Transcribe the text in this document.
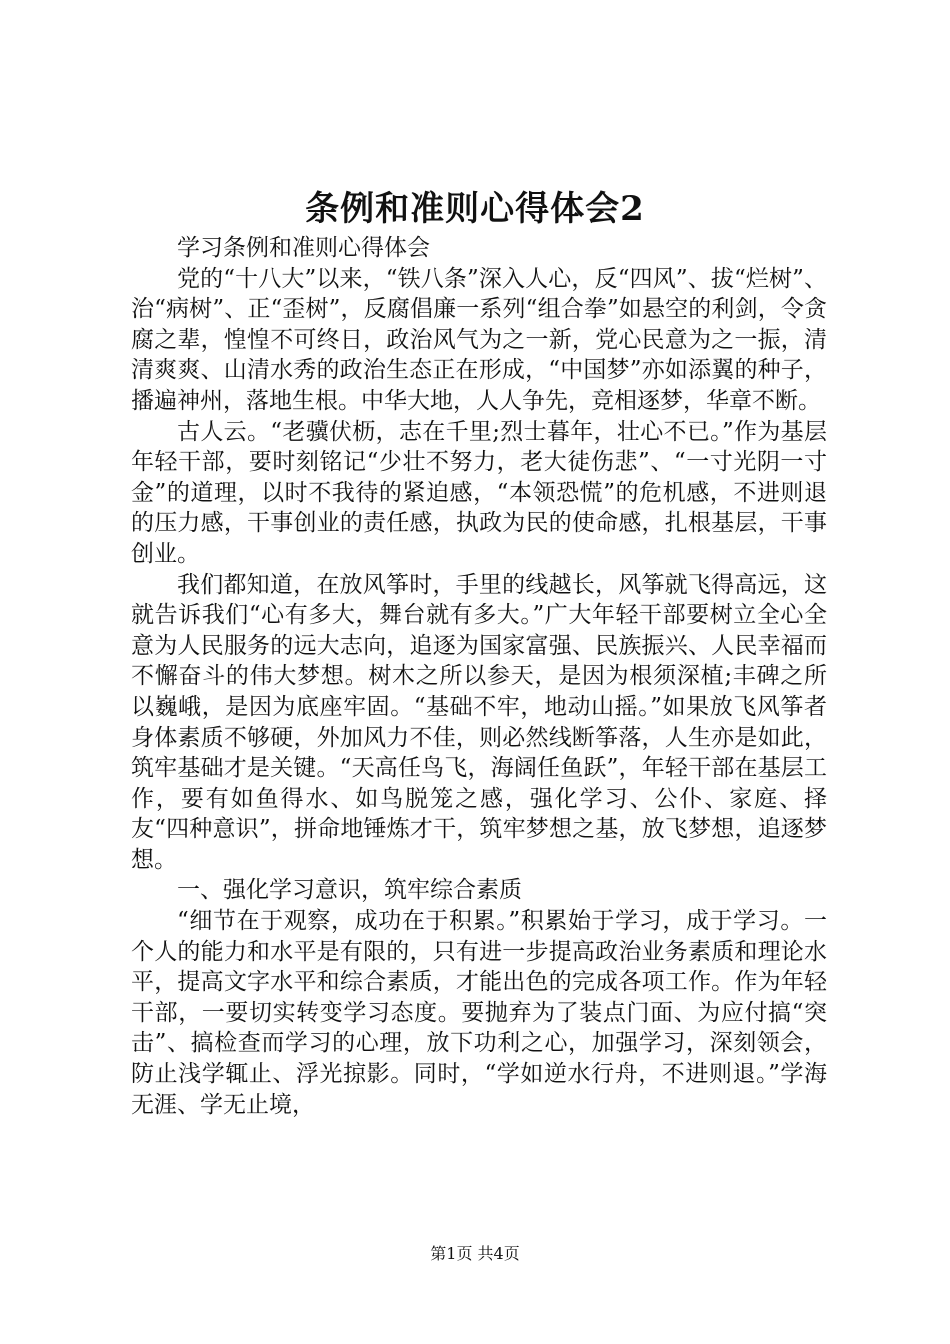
条例和准则心得体会2

学习条例和准则心得体会

党的“十八大”以来，“铁八条”深入人心，反“四风”、拔“烂树”、治“病树”、正“歪树”，反腐倡廉一系列“组合拳”如悬空的利剑，令贪腐之辈，惶惶不可终日，政治风气为之一新，党心民意为之一振，清清爽爽、山清水秀的政治生态正在形成，“中国梦”亦如添翼的种子，播遍神州，落地生根。中华大地，人人争先，竞相逐梦，华章不断。

古人云。“老骥伏枥，志在千里;烈士暮年，壮心不已。”作为基层年轻干部，要时刻铭记“少壮不努力，老大徒伤悲”、“一寸光阴一寸金”的道理，以时不我待的紧迫感，“本领恐慌”的危机感，不进则退的压力感，干事创业的责任感，执政为民的使命感，扎根基层，干事创业。

我们都知道，在放风筝时，手里的线越长，风筝就飞得高远，这就告诉我们“心有多大，舞台就有多大。”广大年轻干部要树立全心全意为人民服务的远大志向，追逐为国家富强、民族振兴、人民幸福而不懈奋斗的伟大梦想。树木之所以参天，是因为根须深植;丰碑之所以巍峨，是因为底座牢固。“基础不牢，地动山摇。”如果放飞风筝者身体素质不够硬，外加风力不佳，则必然线断筝落，人生亦是如此，筑牢基础才是关键。“天高任鸟飞，海阔任鱼跃”，年轻干部在基层工作，要有如鱼得水、如鸟脱笼之感，强化学习、公仆、家庭、择友“四种意识”，拼命地锤炼才干，筑牢梦想之基，放飞梦想，追逐梦想。

一、强化学习意识，筑牢综合素质

“细节在于观察，成功在于积累。”积累始于学习，成于学习。一个人的能力和水平是有限的，只有进一步提高政治业务素质和理论水平，提高文字水平和综合素质，才能出色的完成各项工作。作为年轻干部，一要切实转变学习态度。要抛弃为了装点门面、为应付搞“突击”、搞检查而学习的心理，放下功利之心，加强学习，深刻领会，防止浅学辄止、浮光掠影。同时，“学如逆水行舟，不进则退。”学海无涯、学无止境，

第1页 共4页
